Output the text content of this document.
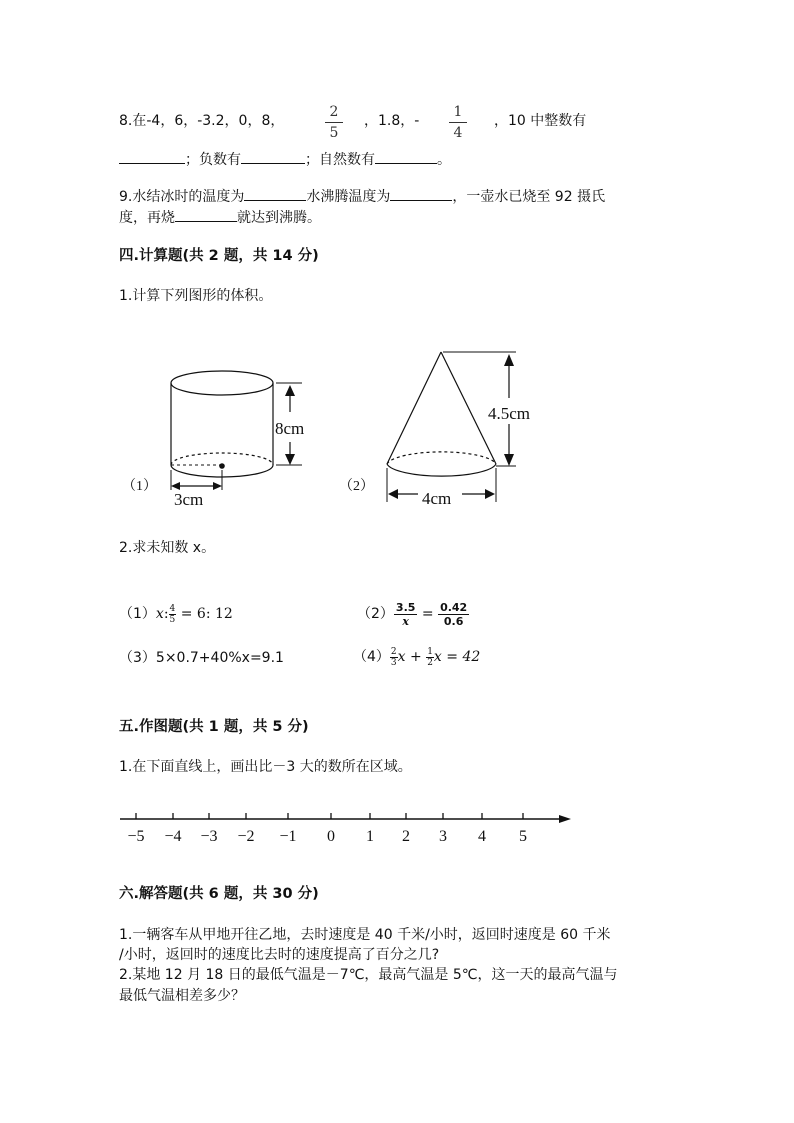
8.在-4，6，-3.2，0，8，
2
5
，1.8，-
1
4
，10 中整数有
；负数有	；自然数有	。
9.水结冰时的温度为	水沸腾温度为	，一壶水已烧至 92 摄氏
度，再烧	就达到沸腾。
四.计算题(共 2 题，共 14 分)
1.计算下列图形的体积。
8cm
3cm
（1）
4.5cm
4cm
（2）
2.求未知数 x。
（1）x: $\frac{4}{5} = 6$: 12	$(2) \frac{3.5}{x} = \frac{0.42}{0.6}$
（3）5×0.7+40%x=9.1	$(4) \frac{2}{3}$ $x + \frac{1}{2}$ x = 42
五.作图题(共 1 题，共 5 分)
1.在下面直线上，画出比－3 大的数所在区域。
−5 −4 −3 −2 −1 0 1 2 3 4 5
六.解答题(共 6 题，共 30 分)
1.一辆客车从甲地开往乙地，去时速度是 40 千米/小时，返回时速度是 60 千米
/小时，返回时的速度比去时的速度提高了百分之几?
2.某地 12 月 18 日的最低气温是－7℃，最高气温是 5℃，这一天的最高气温与
最低气温相差多少？
